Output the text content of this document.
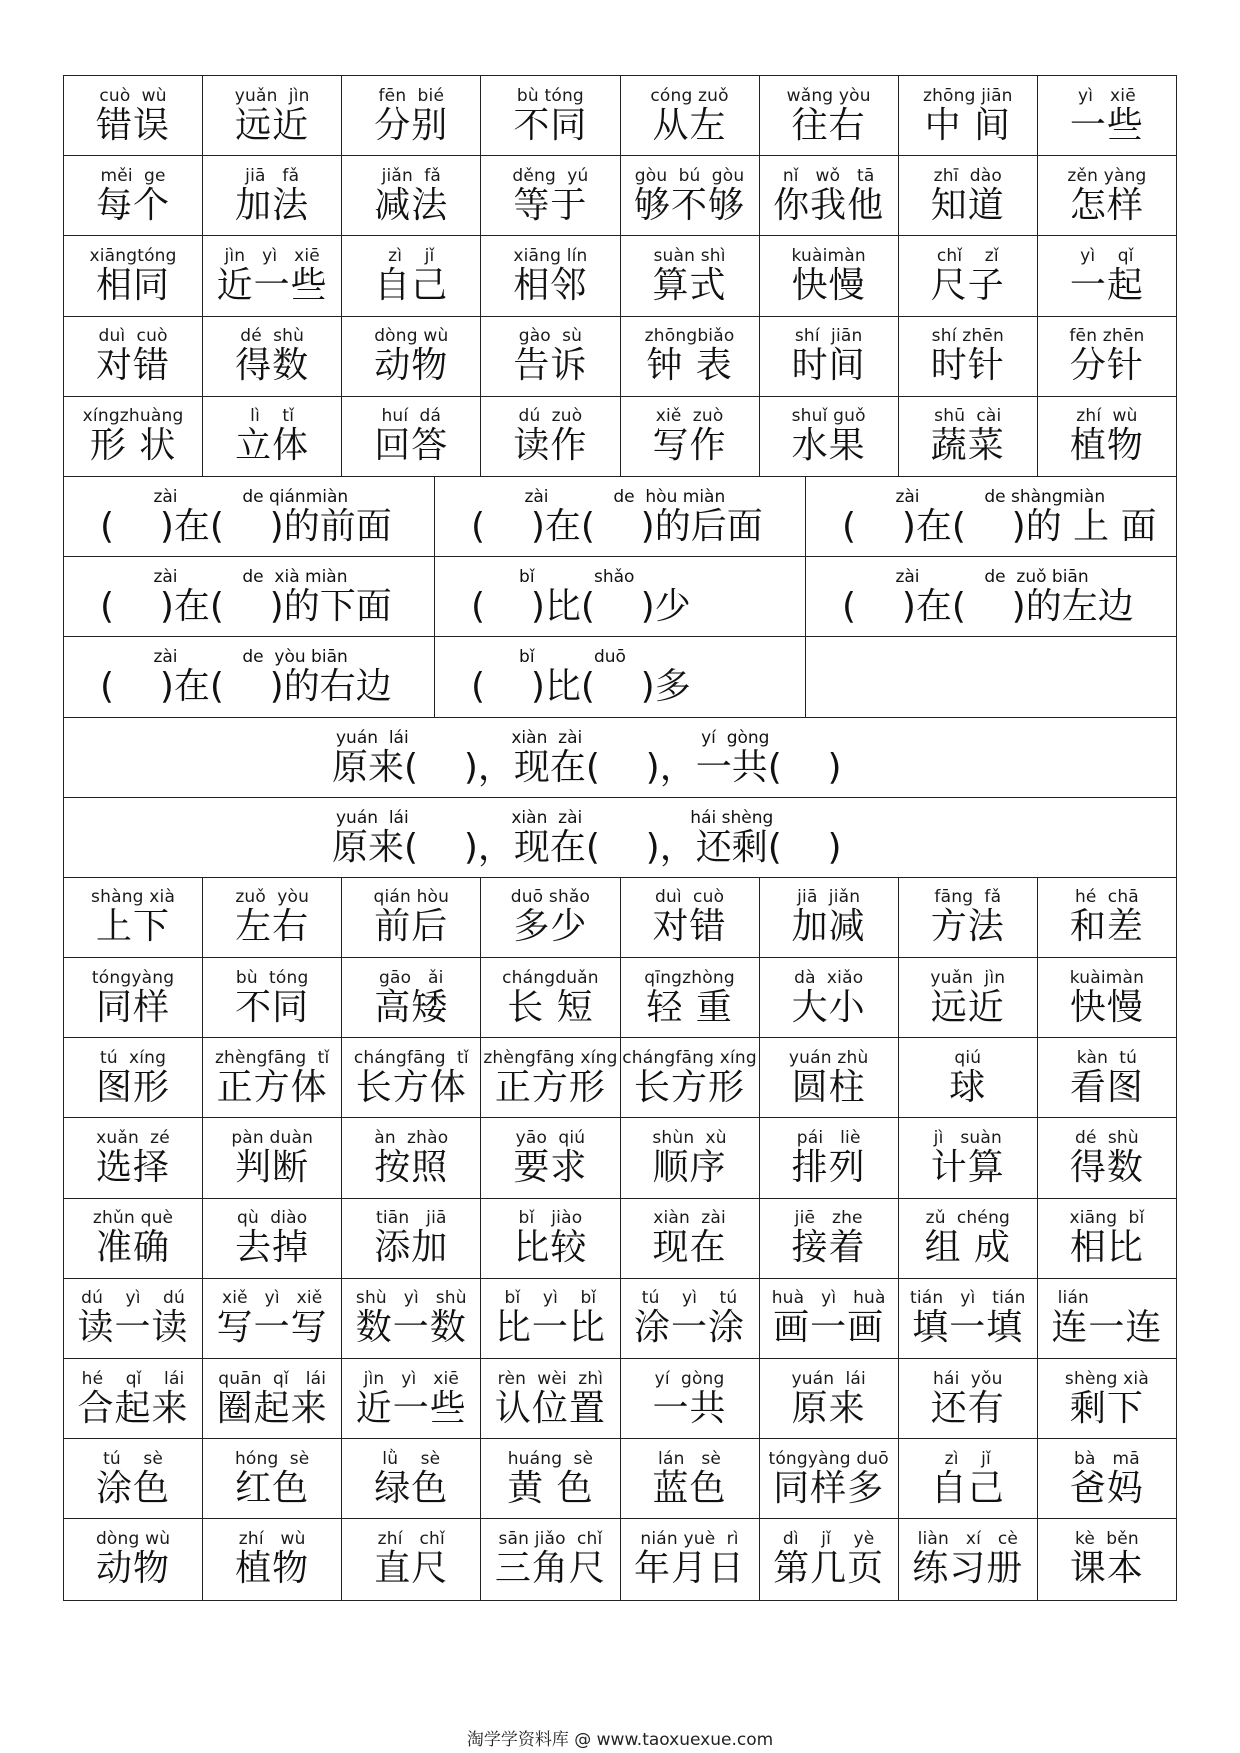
cuò  wù
错误
yuǎn  jìn
远近
fēn  bié
分别
bù tóng
不同
cóng zuǒ
从左
wǎng yòu
往右
zhōng jiān
中 间
yì   xiē
一些
měi  ge
每个
jiā   fǎ
加法
jiǎn  fǎ
减法
děng  yú
等于
gòu  bú  gòu
够不够
nǐ   wǒ   tā
你我他
zhī  dào
知道
zěn yàng
怎样
xiāngtóng
相同
jìn   yì   xiē
近一些
zì    jǐ
自己
xiāng lín
相邻
suàn shì
算式
kuàimàn
快慢
chǐ    zǐ
尺子
yì    qǐ
一起
duì  cuò
对错
dé  shù
得数
dòng wù
动物
gào  sù
告诉
zhōngbiǎo
钟 表
shí  jiān
时间
shí zhēn
时针
fēn zhēn
分针
xíngzhuàng
形 状
lì    tǐ
立体
huí  dá
回答
dú  zuò
读作
xiě  zuò
写作
shuǐ guǒ
水果
shū  cài
蔬菜
zhí  wù
植物
zài            de qiánmiàn
(    )在(    )的前面
zài            de  hòu miàn
(    )在(    )的后面
zài            de shàngmiàn
(    )在(    )的 上 面
zài            de  xià miàn
(    )在(    )的下面
bǐ           shǎo
(    )比(    )少
zài            de  zuǒ biān
(    )在(    )的左边
zài            de  yòu biān
(    )在(    )的右边
bǐ           duō
(    )比(    )多
yuán  lái                   xiàn  zài                      yí  gòng
原来(    )，现在(    )，一共(    )
yuán  lái                   xiàn  zài                    hái shèng
原来(    )，现在(    )，还剩(    )
shàng xià
上下
zuǒ  yòu
左右
qián hòu
前后
duō shǎo
多少
duì  cuò
对错
jiā  jiǎn
加减
fāng  fǎ
方法
hé  chā
和差
tóngyàng
同样
bù  tóng
不同
gāo   ǎi
高矮
chángduǎn
长 短
qīngzhòng
轻 重
dà  xiǎo
大小
yuǎn  jìn
远近
kuàimàn
快慢
tú  xíng
图形
zhèngfāng  tǐ
正方体
chángfāng  tǐ
长方体
zhèngfāng xíng
正方形
chángfāng xíng
长方形
yuán zhù
圆柱
qiú
球
kàn  tú
看图
xuǎn  zé
选择
pàn duàn
判断
àn  zhào
按照
yāo  qiú
要求
shùn  xù
顺序
pái   liè
排列
jì   suàn
计算
dé  shù
得数
zhǔn què
准确
qù  diào
去掉
tiān   jiā
添加
bǐ   jiào
比较
xiàn  zài
现在
jiē   zhe
接着
zǔ  chéng
组 成
xiāng  bǐ
相比
dú    yì    dú
读一读
xiě   yì   xiě
写一写
shù   yì   shù
数一数
bǐ    yì    bǐ
比一比
tú    yì    tú
涂一涂
huà   yì   huà
画一画
tián   yì   tián
填一填
lián
连一连
hé    qǐ    lái
合起来
quān  qǐ   lái
圈起来
jìn   yì   xiē
近一些
rèn  wèi  zhì
认位置
yí  gòng
一共
yuán  lái
原来
hái  yǒu
还有
shèng xià
剩下
tú    sè
涂色
hóng  sè
红色
lǜ    sè
绿色
huáng  sè
黄 色
lán   sè
蓝色
tóngyàng duō
同样多
zì    jǐ
自己
bà   mā
爸妈
dòng wù
动物
zhí   wù
植物
zhí   chǐ
直尺
sān jiǎo  chǐ
三角尺
nián yuè  rì
年月日
dì    jǐ    yè
第几页
liàn   xí   cè
练习册
kè  běn
课本
淘学学资料库 @ www.taoxuexue.com
